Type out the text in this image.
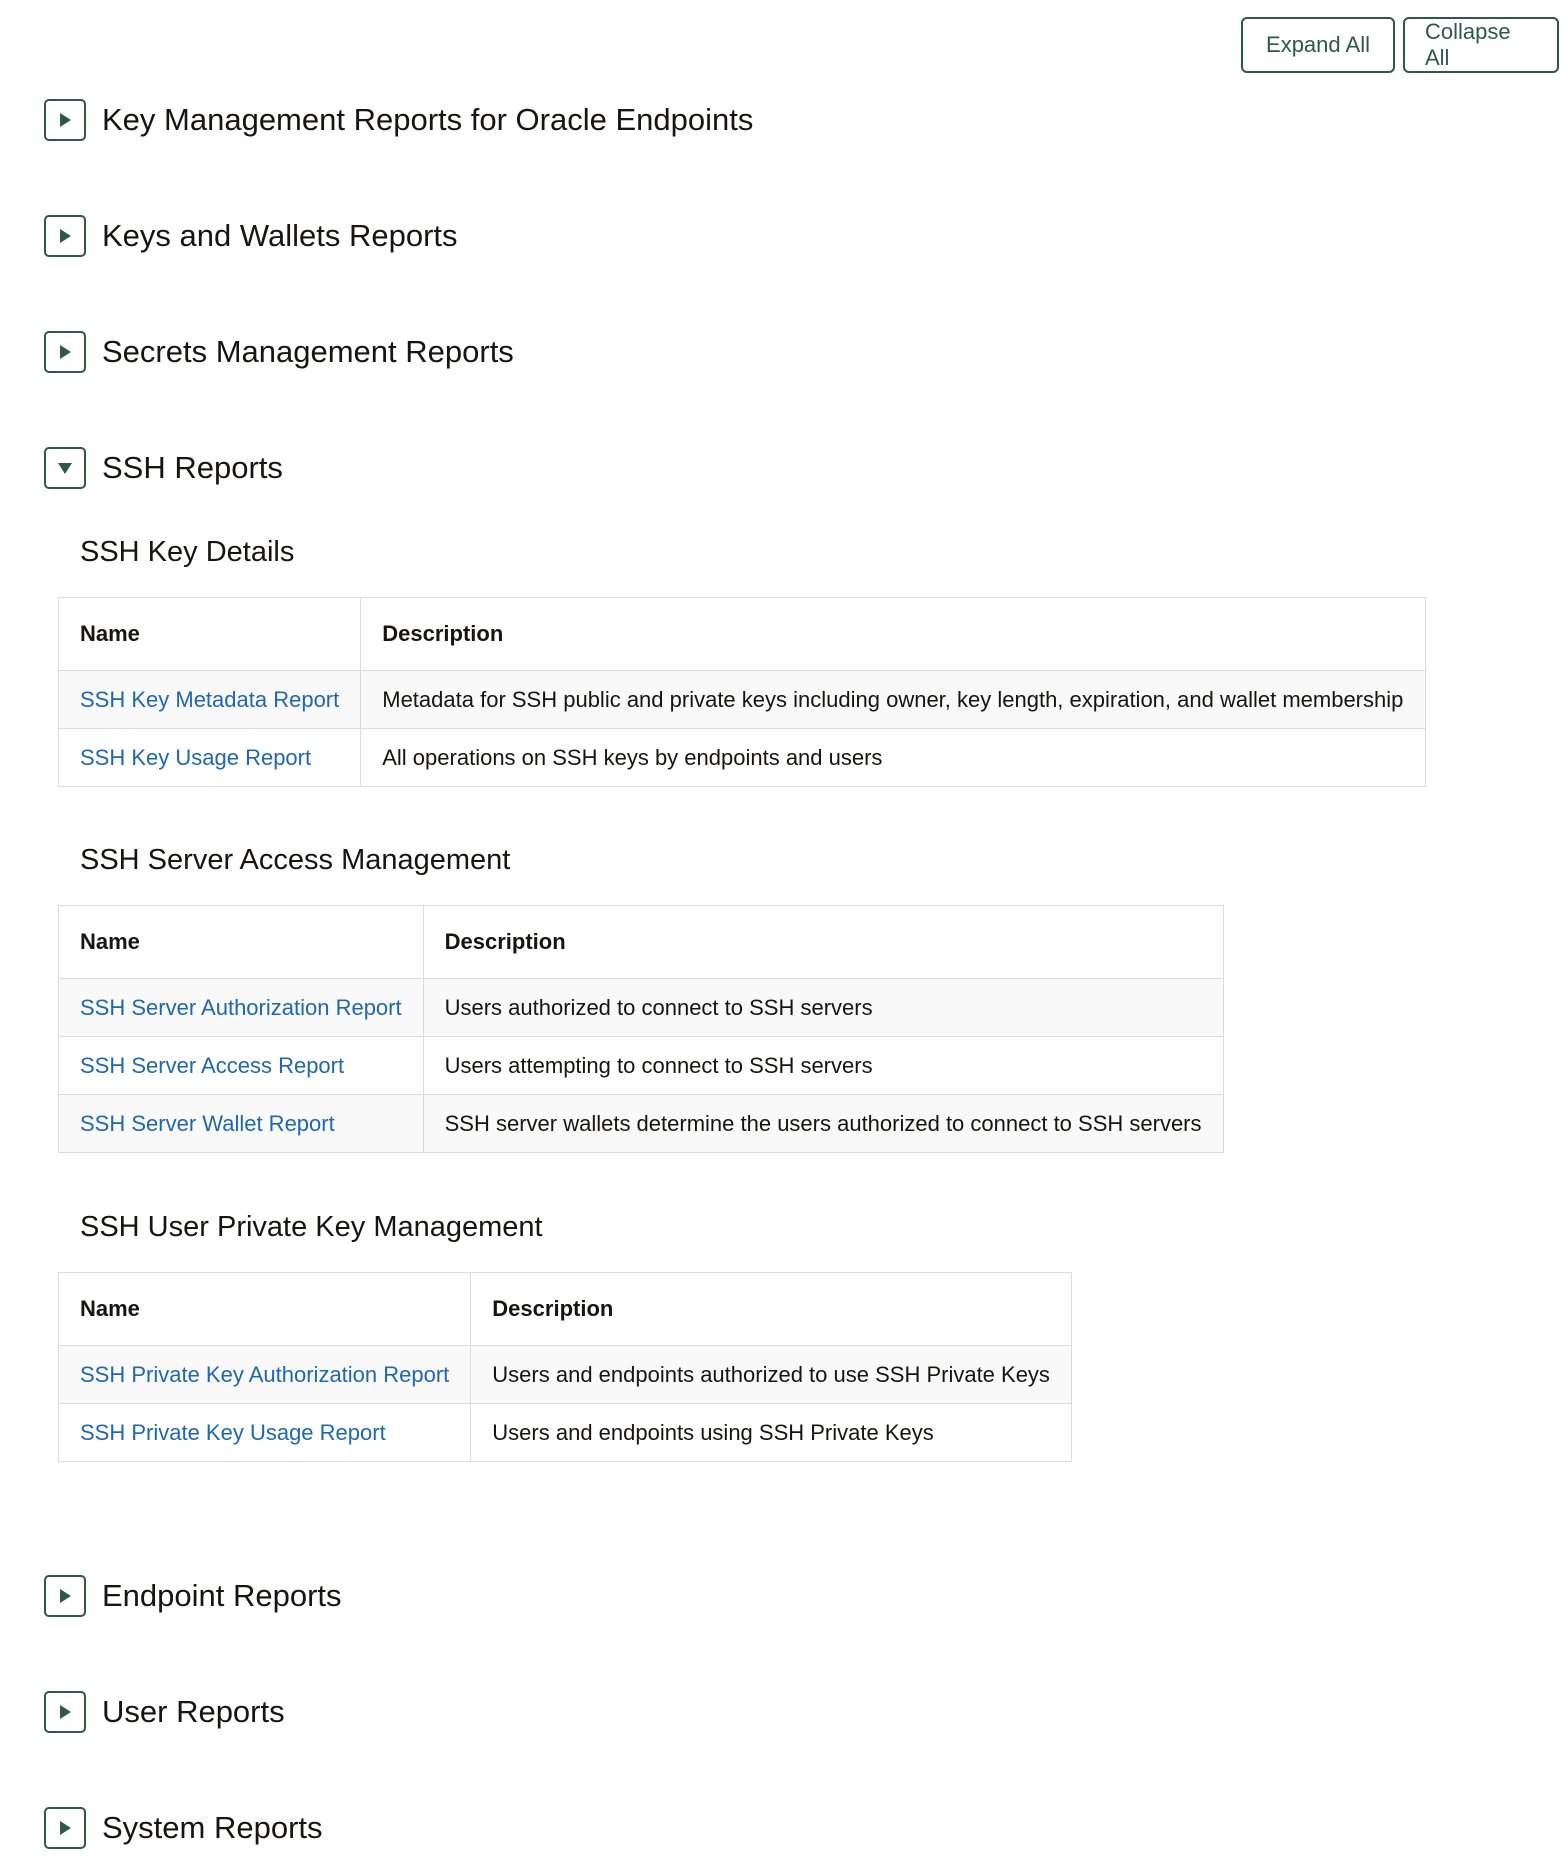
Expand All
Collapse All
Key Management Reports for Oracle Endpoints
Keys and Wallets Reports
Secrets Management Reports
SSH Reports
SSH Key Details
Name	Description
SSH Key Metadata Report	Metadata for SSH public and private keys including owner, key length, expiration, and wallet membership
SSH Key Usage Report	All operations on SSH keys by endpoints and users
SSH Server Access Management
Name	Description
SSH Server Authorization Report	Users authorized to connect to SSH servers
SSH Server Access Report	Users attempting to connect to SSH servers
SSH Server Wallet Report	SSH server wallets determine the users authorized to connect to SSH servers
SSH User Private Key Management
Name	Description
SSH Private Key Authorization Report	Users and endpoints authorized to use SSH Private Keys
SSH Private Key Usage Report	Users and endpoints using SSH Private Keys
Endpoint Reports
User Reports
System Reports
